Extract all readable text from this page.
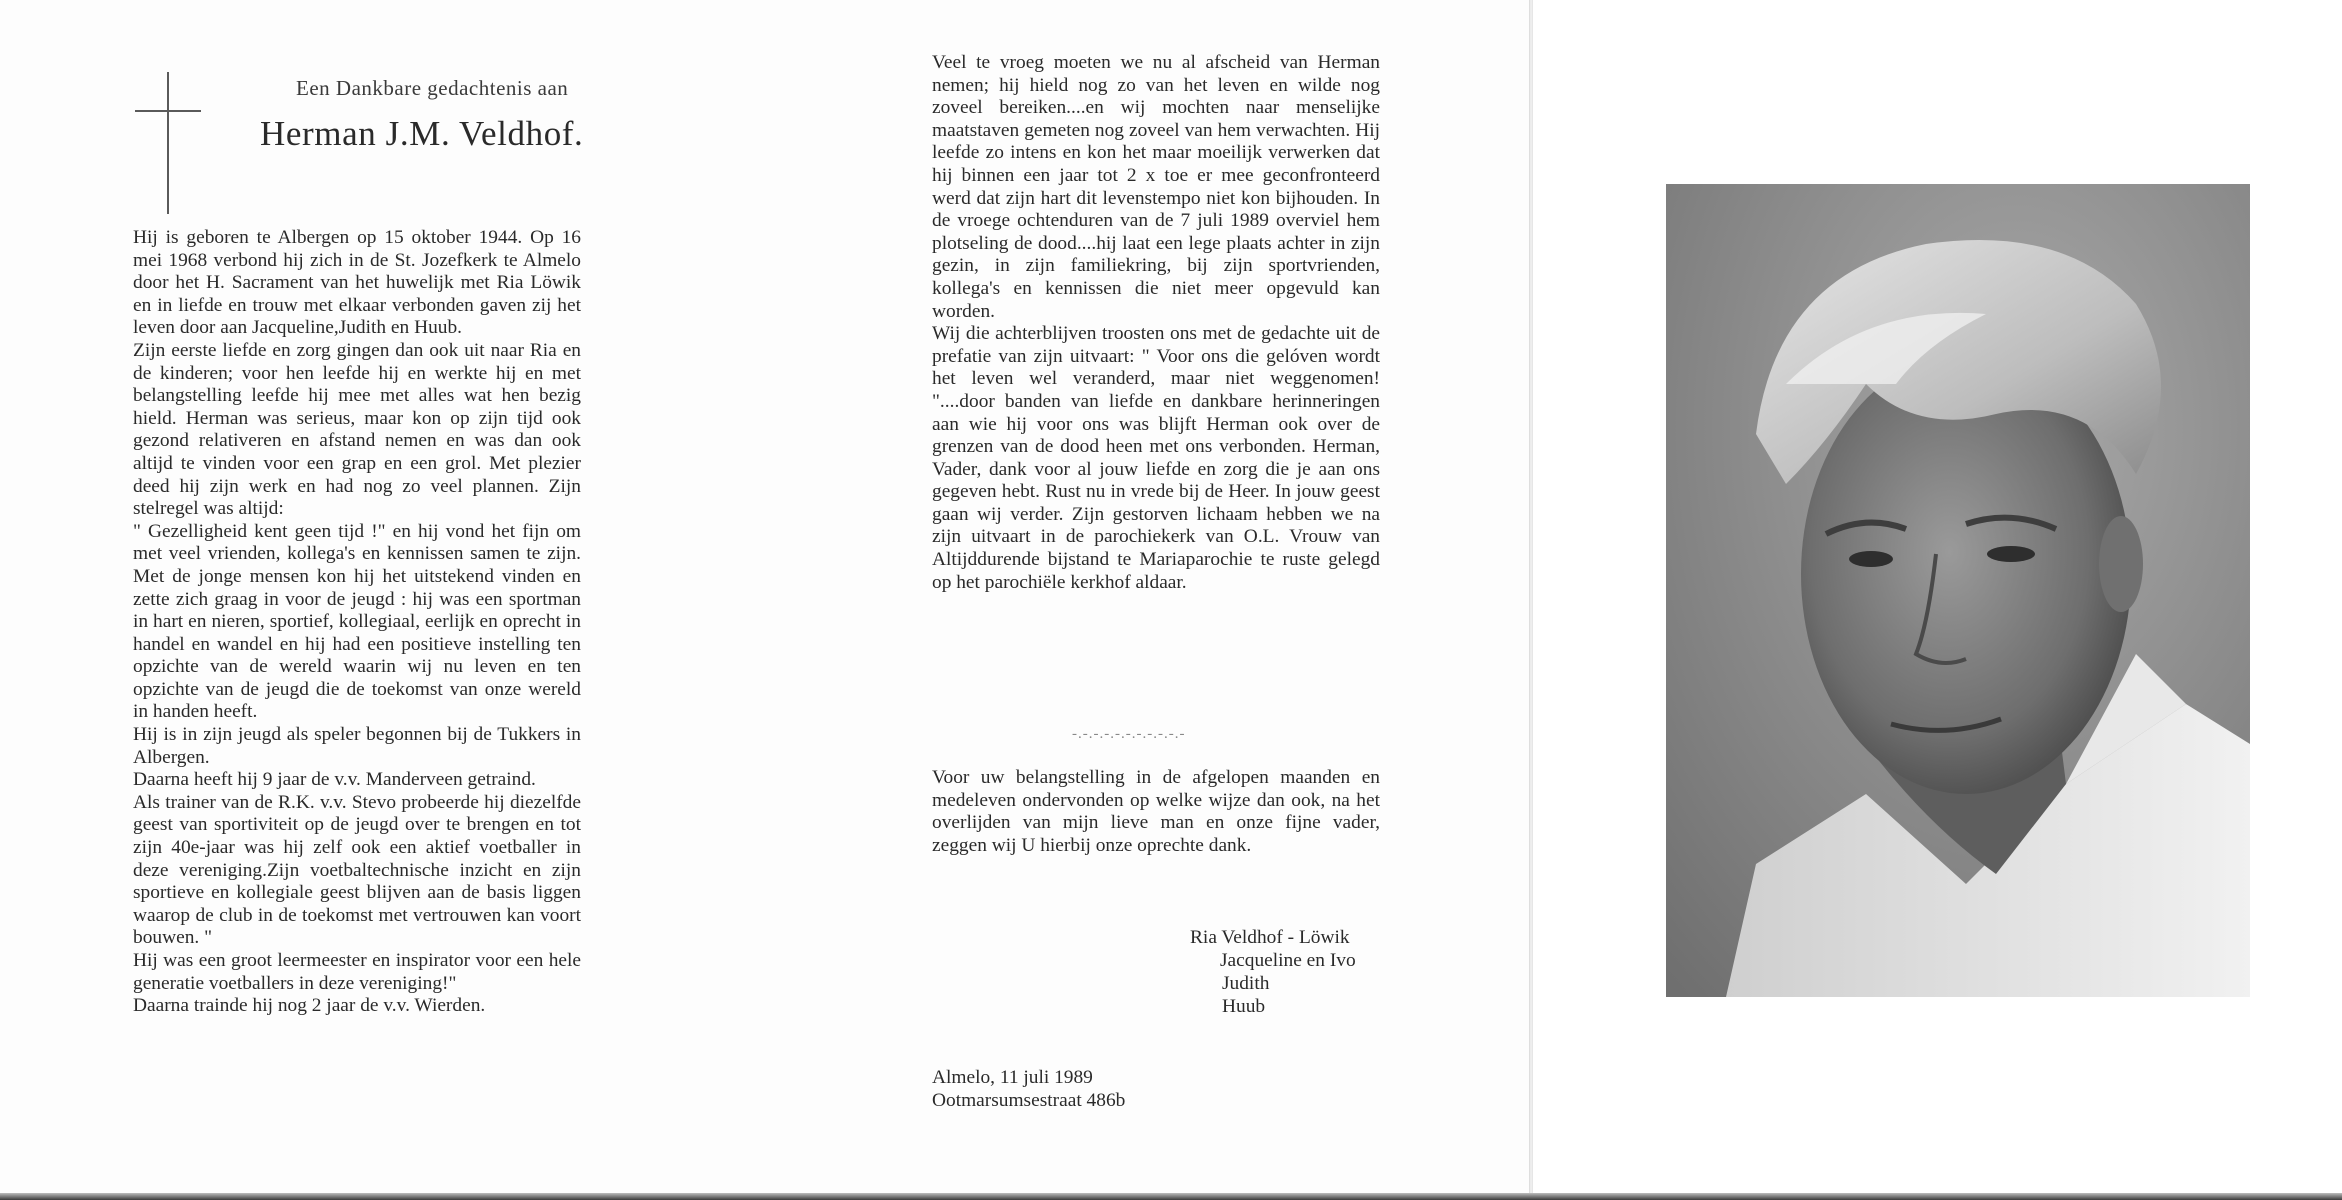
Een Dankbare gedachtenis aan
Herman J.M. Veldhof.

Hij is geboren te Albergen op 15 oktober 1944. Op 16 mei 1968 verbond hij zich in de St. Jozefkerk te Almelo door het H. Sacrament van het huwelijk met Ria Löwik en in liefde en trouw met elkaar verbonden gaven zij het leven door aan Jacqueline,Judith en Huub.

Zijn eerste liefde en zorg gingen dan ook uit naar Ria en de kinderen; voor hen leefde hij en werkte hij en met belangstelling leefde hij mee met alles wat hen bezig hield. Herman was serieus, maar kon op zijn tijd ook gezond relativeren en afstand nemen en was dan ook altijd te vinden voor een grap en een grol. Met plezier deed hij zijn werk en had nog zo veel plannen. Zijn stelregel was altijd:

" Gezelligheid kent geen tijd !" en hij vond het fijn om met veel vrienden, kollega's en kennissen samen te zijn. Met de jonge mensen kon hij het uitstekend vinden en zette zich graag in voor de jeugd : hij was een sportman in hart en nieren, sportief, kollegiaal, eerlijk en oprecht in handel en wandel en hij had een positieve instelling ten opzichte van de wereld waarin wij nu leven en ten opzichte van de jeugd die de toekomst van onze wereld in handen heeft.

Hij is in zijn jeugd als speler begonnen bij de Tukkers in Albergen.

Daarna heeft hij 9 jaar de v.v. Manderveen getraind.

Als trainer van de R.K. v.v. Stevo probeerde hij diezelfde geest van sportiviteit op de jeugd over te brengen en tot zijn 40e-jaar was hij zelf ook een aktief voetballer in deze vereniging.Zijn voetbaltechnische inzicht en zijn sportieve en kollegiale geest blijven aan de basis liggen waarop de club in de toekomst met vertrouwen kan voort bouwen. "

Hij was een groot leermeester en inspirator voor een hele generatie voetballers in deze vereniging!"

Daarna trainde hij nog 2 jaar de v.v. Wierden.

Veel te vroeg moeten we nu al afscheid van Herman nemen; hij hield nog zo van het leven en wilde nog zoveel bereiken....en wij mochten naar menselijke maatstaven gemeten nog zoveel van hem verwachten. Hij leefde zo intens en kon het maar moeilijk verwerken dat hij binnen een jaar tot 2 x toe er mee geconfronteerd werd dat zijn hart dit levenstempo niet kon bijhouden. In de vroege ochtenduren van de 7 juli 1989 overviel hem plotseling de dood....hij laat een lege plaats achter in zijn gezin, in zijn familiekring, bij zijn sportvrienden, kollega's en kennissen die niet meer opgevuld kan worden.

Wij die achterblijven troosten ons met de gedachte uit de prefatie van zijn uitvaart: " Voor ons die gelóven wordt het leven wel veranderd, maar niet weggenomen! "....door banden van liefde en dankbare herinneringen aan wie hij voor ons was blijft Herman ook over de grenzen van de dood heen met ons verbonden. Herman, Vader, dank voor al jouw liefde en zorg die je aan ons gegeven hebt. Rust nu in vrede bij de Heer. In jouw geest gaan wij verder. Zijn gestorven lichaam hebben we na zijn uitvaart in de parochiekerk van O.L. Vrouw van Altijddurende bijstand te Mariaparochie te ruste gelegd op het parochiële kerkhof aldaar.

-.-.-.-.-.-.-.-.-.-.-

Voor uw belangstelling in de afgelopen maanden en medeleven ondervonden op welke wijze dan ook, na het overlijden van mijn lieve man en onze fijne vader, zeggen wij U hierbij onze oprechte dank.

Ria Veldhof - Löwik
Jacqueline en Ivo
Judith
Huub
Almelo, 11 juli 1989
Ootmarsumsestraat 486b
